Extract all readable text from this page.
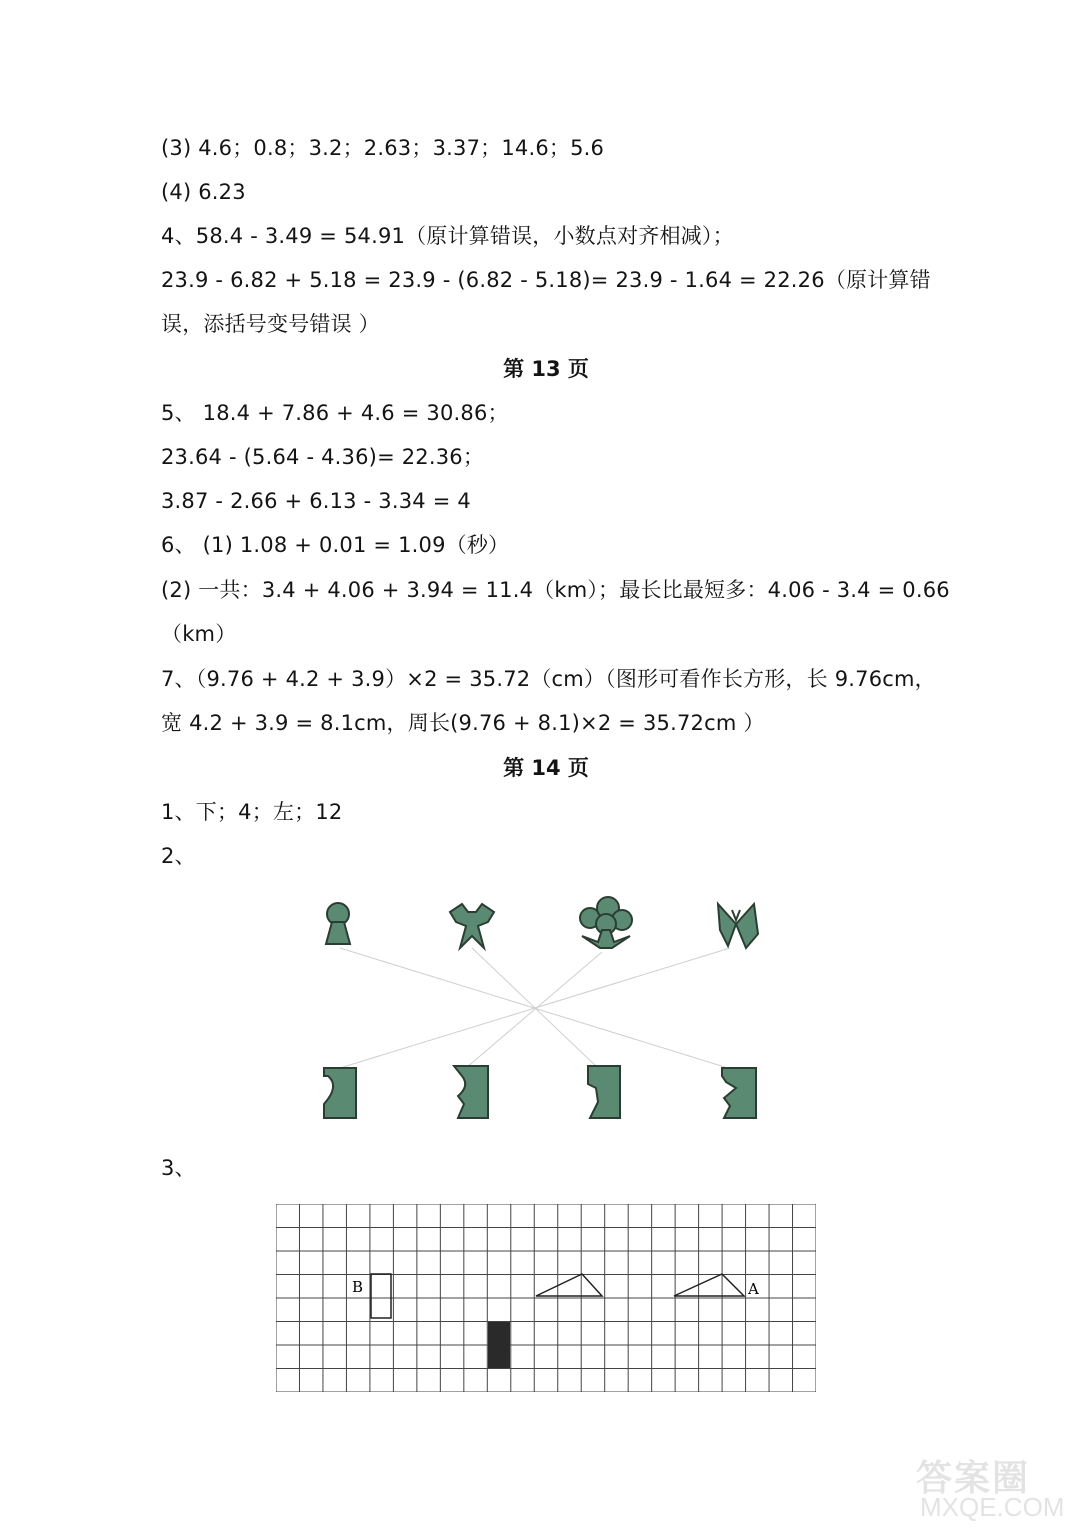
(3) 4.6；0.8；3.2；2.63；3.37；14.6；5.6
(4) 6.23
4、58.4 - 3.49 = 54.91（原计算错误，小数点对齐相减）；
23.9 - 6.82 + 5.18 = 23.9 - (6.82 - 5.18)= 23.9 - 1.64 = 22.26（原计算错
误，添括号变号错误 ）
第 13 页
5、 18.4 + 7.86 + 4.6 = 30.86；
23.64 - (5.64 - 4.36)= 22.36；
3.87 - 2.66 + 6.13 - 3.34 = 4
6、 (1) 1.08 + 0.01 = 1.09（秒）
(2) 一共：3.4 + 4.06 + 3.94 = 11.4（km）；最长比最短多：4.06 - 3.4 = 0.66
（km）
7、（9.76 + 4.2 + 3.9）×2 = 35.72（cm）（图形可看作长方形，长 9.76cm，
宽 4.2 + 3.9 = 8.1cm，周长(9.76 + 8.1)×2 = 35.72cm ）
第 14 页
1、下；4；左；12
2、
3、
B	A
答案圈
MXQE.COM
